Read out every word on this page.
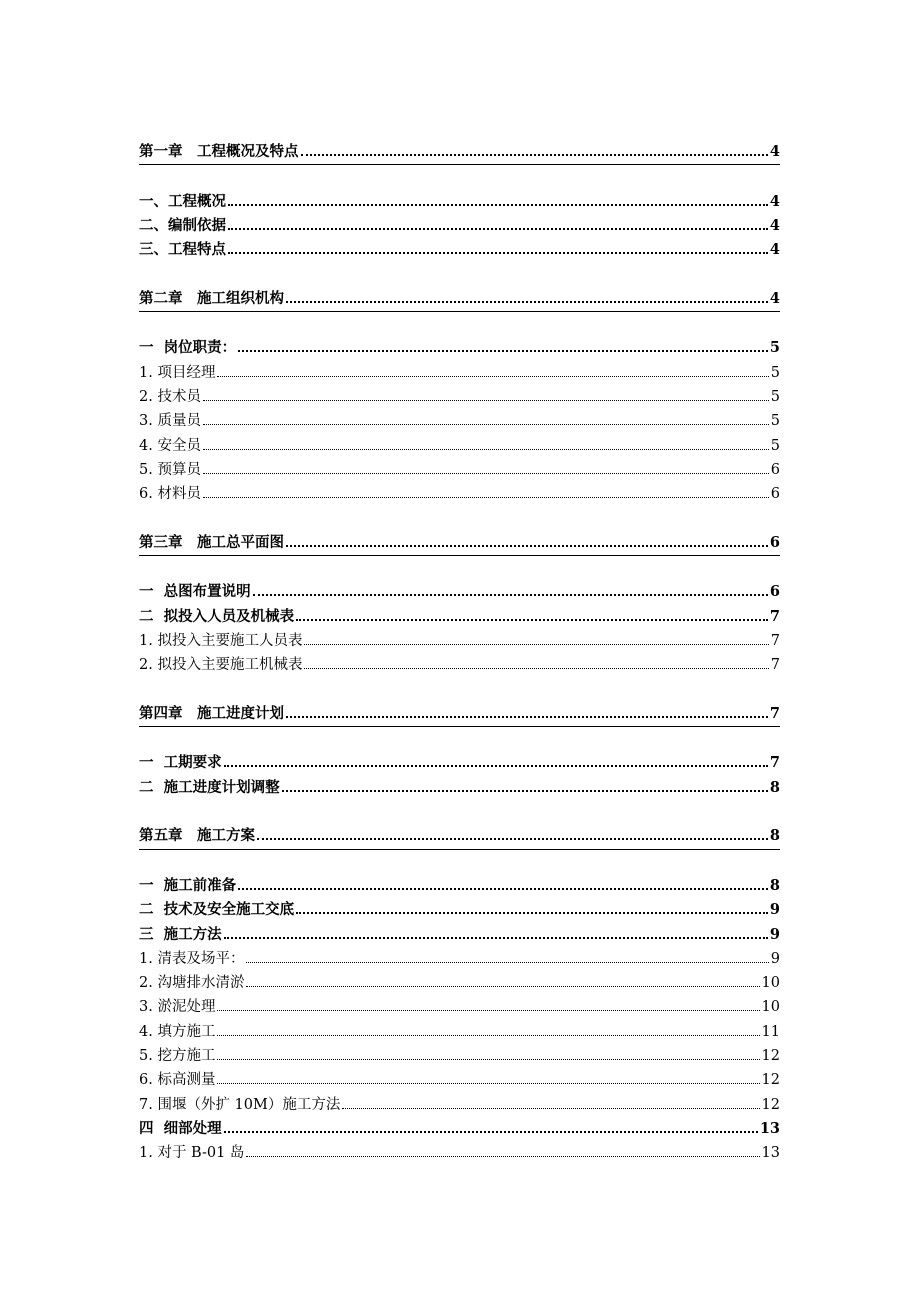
第一章　工程概况及特点	4
一、工程概况	4
二、编制依据	4
三、工程特点	4
第二章　施工组织机构	4
一  岗位职责：	5
1. 项目经理	5
2. 技术员	5
3. 质量员	5
4. 安全员	5
5. 预算员	6
6. 材料员	6
第三章　施工总平面图	6
一  总图布置说明	6
二  拟投入人员及机械表	7
1. 拟投入主要施工人员表	7
2. 拟投入主要施工机械表	7
第四章　施工进度计划	7
一  工期要求	7
二  施工进度计划调整	8
第五章　施工方案	8
一  施工前准备	8
二  技术及安全施工交底	9
三  施工方法	9
1. 清表及场平：	9
2. 沟塘排水清淤	10
3. 淤泥处理	10
4. 填方施工	11
5. 挖方施工	12
6. 标高测量	12
7. 围堰（外扩 10M）施工方法	12
四  细部处理	13
1. 对于 B-01 岛	13
